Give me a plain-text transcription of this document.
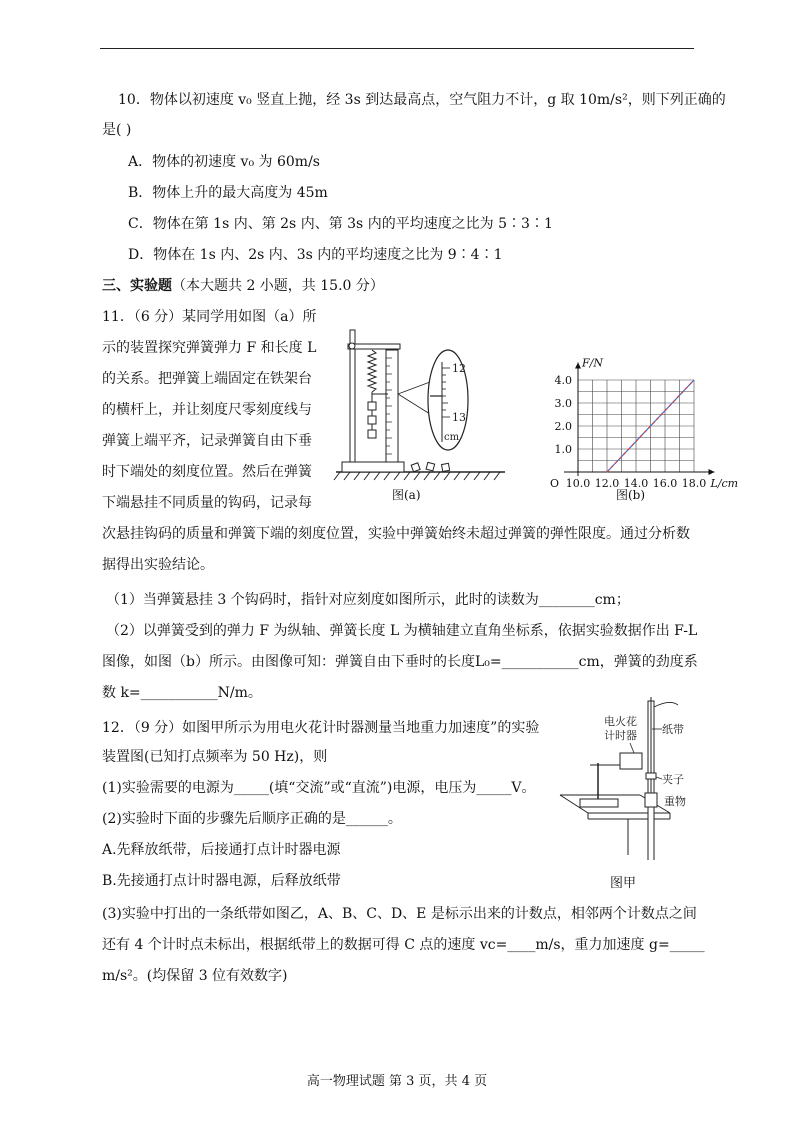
10．物体以初速度 v₀ 竖直上抛，经 3s 到达最高点，空气阻力不计，g 取 10m/s²，则下列正确的
是( )
A．物体的初速度 v₀ 为 60m/s
B．物体上升的最大高度为 45m
C．物体在第 1s 内、第 2s 内、第 3s 内的平均速度之比为 5∶3∶1
D．物体在 1s 内、2s 内、3s 内的平均速度之比为 9∶4∶1
三、实验题（本大题共 2 小题，共 15.0 分）
11．（6 分）某同学用如图（a）所
示的装置探究弹簧弹力 F 和长度 L
的关系。把弹簧上端固定在铁架台
的横杆上，并让刻度尺零刻度线与
弹簧上端平齐，记录弹簧自由下垂
时下端处的刻度位置。然后在弹簧
下端悬挂不同质量的钩码，记录每
次悬挂钩码的质量和弹簧下端的刻度位置，实验中弹簧始终未超过弹簧的弹性限度。通过分析数
据得出实验结论。
（1）当弹簧悬挂 3 个钩码时，指针对应刻度如图所示，此时的读数为________cm；
（2）以弹簧受到的弹力 F 为纵轴、弹簧长度 L 为横轴建立直角坐标系，依据实验数据作出 F-L
图像，如图（b）所示。由图像可知：弹簧自由下垂时的长度L₀=___________cm，弹簧的劲度系
数 k=___________N/m。
12
13
cm
图(a)
4.0
3.0
2.0
1.0
10.0 12.0 14.0 16.0 18.0
O
F/N
L/cm
图(b)
12．（9 分）如图甲所示为用电火花计时器测量当地重力加速度”的实验
装置图(已知打点频率为 50 Hz)，则
(1)实验需要的电源为_____(填“交流”或“直流”)电源，电压为_____V。
(2)实验时下面的步骤先后顺序正确的是______。
A.先释放纸带，后接通打点计时器电源
B.先接通打点计时器电源，后释放纸带
(3)实验中打出的一条纸带如图乙，A、B、C、D、E 是标示出来的计数点，相邻两个计数点之间
还有 4 个计时点未标出，根据纸带上的数据可得 C 点的速度 vc=____m/s，重力加速度 g=_____
m/s²。(均保留 3 位有效数字)
电火花
计时器 纸带
夹子
重物
图甲
高一物理试题 第 3 页，共 4 页
